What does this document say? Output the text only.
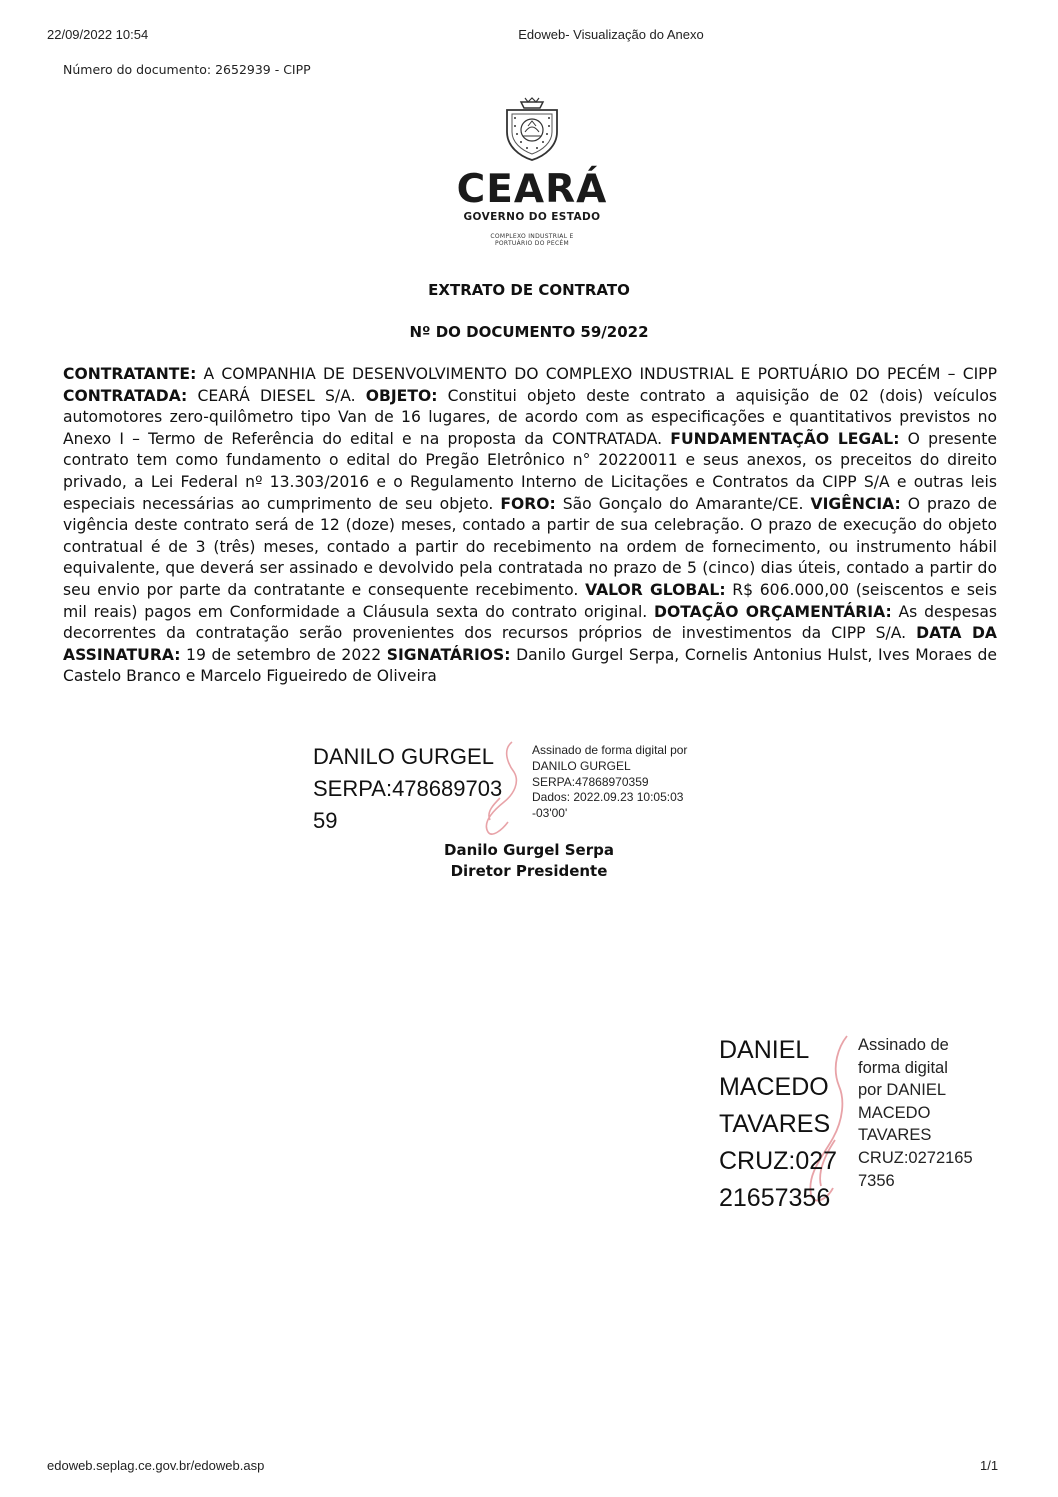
22/09/2022 10:54	Edoweb- Visualização do Anexo
Número do documento: 2652939 - CIPP
CEARÁ
GOVERNO DO ESTADO
COMPLEXO INDUSTRIAL E
PORTUÁRIO DO PECÉM
EXTRATO DE CONTRATO
Nº DO DOCUMENTO 59/2022
CONTRATANTE: A COMPANHIA DE DESENVOLVIMENTO DO COMPLEXO INDUSTRIAL E PORTUÁRIO DO PECÉM – CIPP CONTRATADA: CEARÁ DIESEL S/A. OBJETO: Constitui objeto deste contrato a aquisição de 02 (dois) veículos automotores zero-quilômetro tipo Van de 16 lugares, de acordo com as especificações e quantitativos previstos no Anexo I – Termo de Referência do edital e na proposta da CONTRATADA. FUNDAMENTAÇÃO LEGAL: O presente contrato tem como fundamento o edital do Pregão Eletrônico n° 20220011 e seus anexos, os preceitos do direito privado, a Lei Federal nº 13.303/2016 e o Regulamento Interno de Licitações e Contratos da CIPP S/A e outras leis especiais necessárias ao cumprimento de seu objeto. FORO: São Gonçalo do Amarante/CE. VIGÊNCIA: O prazo de vigência deste contrato será de 12 (doze) meses, contado a partir de sua celebração. O prazo de execução do objeto contratual é de 3 (três) meses, contado a partir do recebimento na ordem de fornecimento, ou instrumento hábil equivalente, que deverá ser assinado e devolvido pela contratada no prazo de 5 (cinco) dias úteis, contado a partir do seu envio por parte da contratante e consequente recebimento. VALOR GLOBAL: R$ 606.000,00 (seiscentos e seis mil reais) pagos em Conformidade a Cláusula sexta do contrato original. DOTAÇÃO ORÇAMENTÁRIA: As despesas decorrentes da contratação serão provenientes dos recursos próprios de investimentos da CIPP S/A. DATA DA ASSINATURA: 19 de setembro de 2022 SIGNATÁRIOS: Danilo Gurgel Serpa, Cornelis Antonius Hulst, Ives Moraes de Castelo Branco e Marcelo Figueiredo de Oliveira
DANILO GURGEL
SERPA:478689703
59
Assinado de forma digital por
DANILO GURGEL
SERPA:47868970359
Dados: 2022.09.23 10:05:03
-03'00'
Danilo Gurgel Serpa
Diretor Presidente
DANIEL
MACEDO
TAVARES
CRUZ:027
21657356
Assinado de
forma digital
por DANIEL
MACEDO
TAVARES
CRUZ:0272165
7356
edoweb.seplag.ce.gov.br/edoweb.asp	1/1
